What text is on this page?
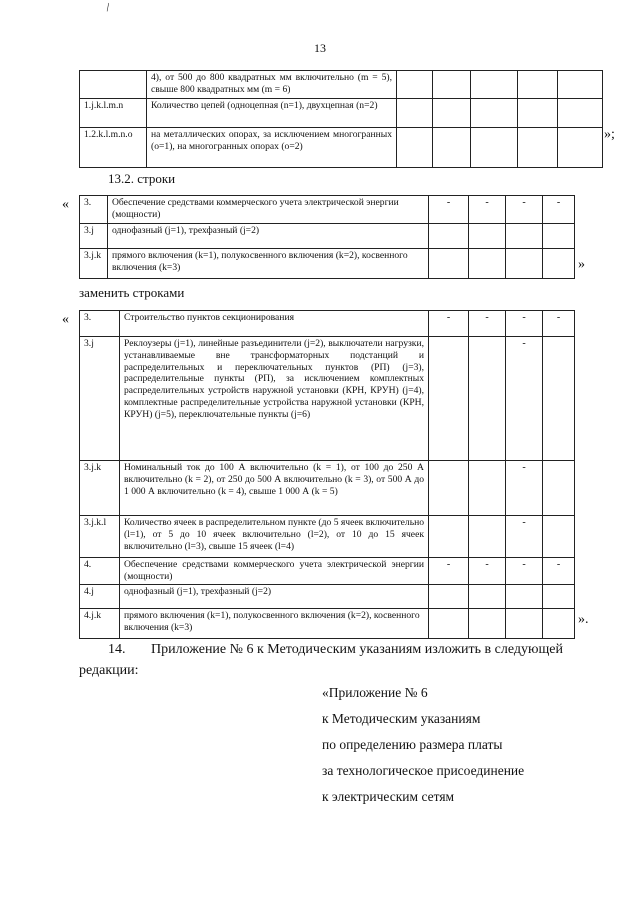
\
13
	4), от 500 до 800 квадратных мм включительно (m = 5), свыше 800 квадратных мм (m = 6)					
1.j.k.l.m.n	Количество цепей (одноцепная (n=1), двухцепная (n=2)					
1.2.k.l.m.n.o	на металлических опорах, за исключением многогранных (o=1), на многогранных опорах (o=2)					
»;
13.2. строки
« 3.	Обеспечение средствами коммерческого учета электрической энергии (мощности)	-	-	-	-
3.j	однофазный (j=1), трехфазный (j=2)				
3.j.k	прямого включения (k=1), полукосвенного включения (k=2), косвенного включения (k=3)					»
заменить строками
« 3.	Строительство пунктов секционирования	-	-	-	-
3.j	Реклоузеры (j=1), линейные разъединители (j=2), выключатели нагрузки, устанавливаемые вне трансформаторных подстанций и распределительных и переключательных пунктов (РП) (j=3), распределительные пункты (РП), за исключением комплектных распределительных устройств наружной установки (КРН, КРУН) (j=4), комплектные распределительные устройства наружной установки (КРН, КРУН) (j=5), переключательные пункты (j=6)			-	
3.j.k	Номинальный ток до 100 А включительно (k = 1), от 100 до 250 А включительно (k = 2), от 250 до 500 А включительно (k = 3), от 500 А до 1 000 А включительно (k = 4), свыше 1 000 А (k = 5)			-	
3.j.k.l	Количество ячеек в распределительном пункте (до 5 ячеек включительно (l=1), от 5 до 10 ячеек включительно (l=2), от 10 до 15 ячеек включительно (l=3), свыше 15 ячеек (l=4)			-	
4.	Обеспечение средствами коммерческого учета электрической энергии (мощности)	-	-	-	-
4.j	однофазный (j=1), трехфазный (j=2)				
4.j.k	прямого включения (k=1), полукосвенного включения (k=2), косвенного включения (k=3)				
».
14. Приложение № 6 к Методическим указаниям изложить в следующей
редакции:
«Приложение № 6
к Методическим указаниям
по определению размера платы
за технологическое присоединение
к электрическим сетям
